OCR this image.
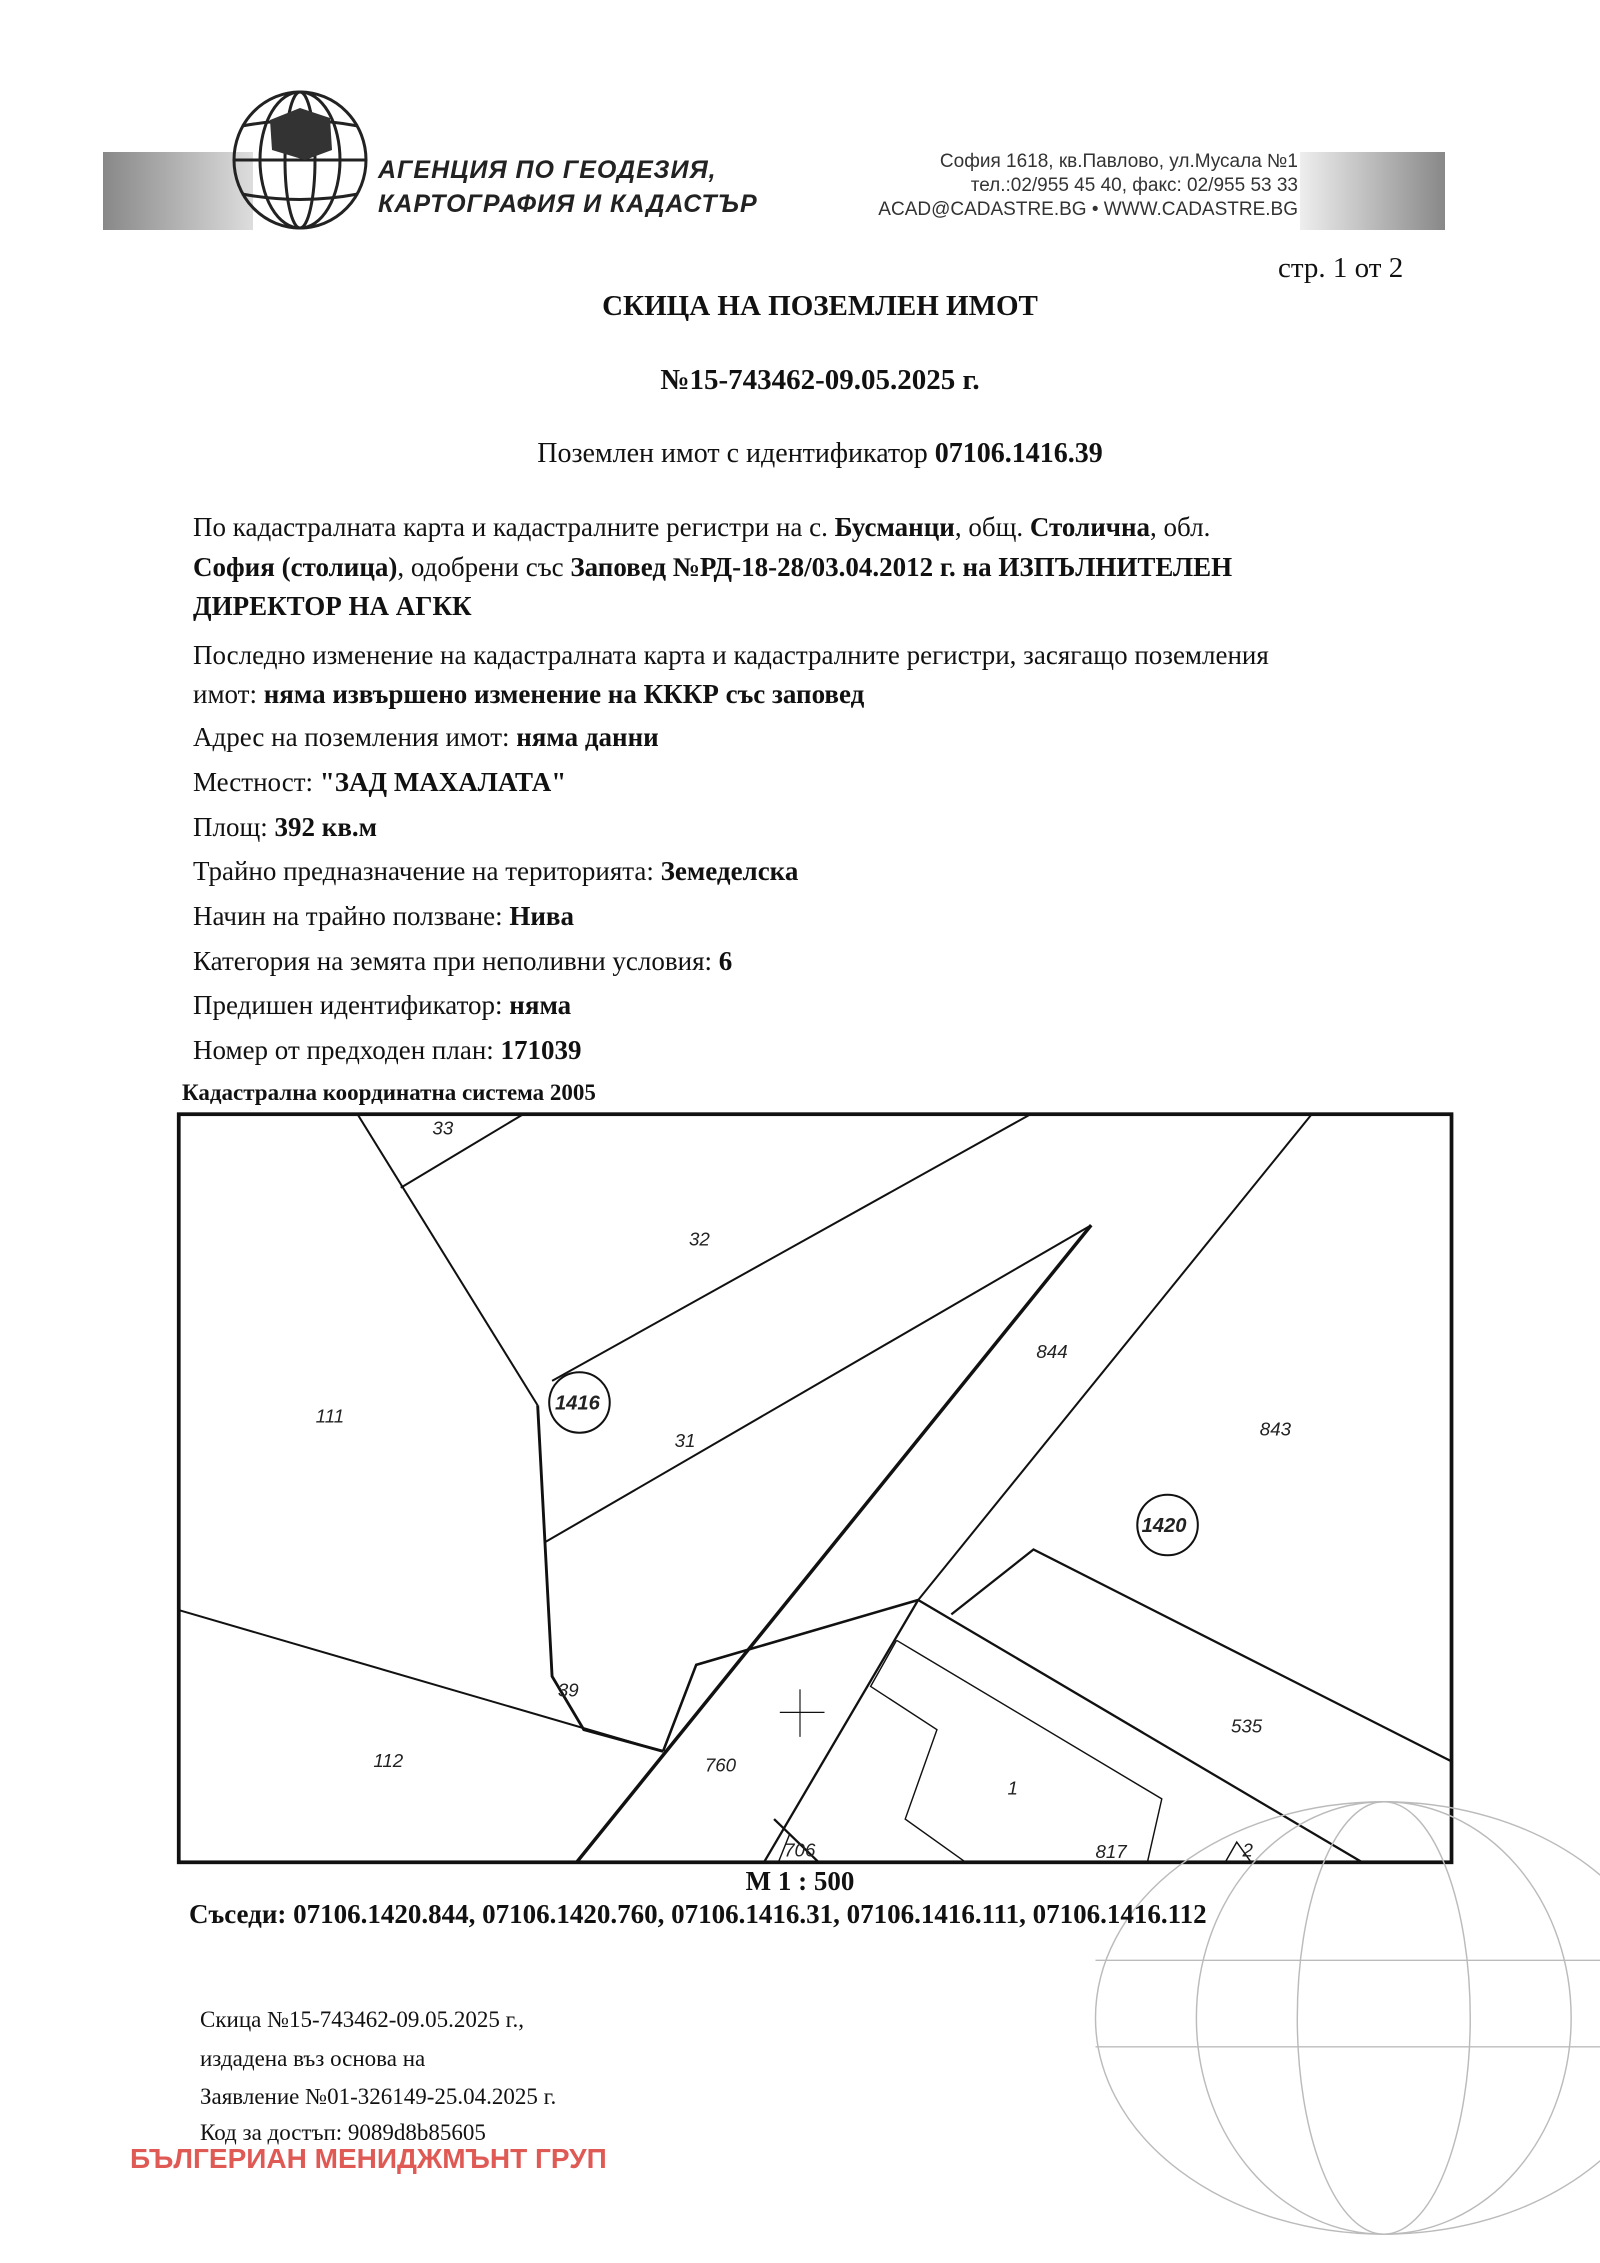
АГЕНЦИЯ ПО ГЕОДЕЗИЯ,
КАРТОГРАФИЯ И КАДАСТЪР
София 1618, кв.Павлово, ул.Мусала №1
тел.:02/955 45 40, факс: 02/955 53 33
ACAD@CADASTRE.BG • WWW.CADASTRE.BG
стр. 1 от 2
СКИЦА НА ПОЗЕМЛЕН ИМОТ
№15-743462-09.05.2025 г.
Поземлен имот с идентификатор 07106.1416.39
По кадастралната карта и кадастралните регистри на с. Бусманци, общ. Столична, обл.
София (столица), одобрени със Заповед №РД-18-28/03.04.2012 г. на ИЗПЪЛНИТЕЛЕН
ДИРЕКТОР НА АГКК
Последно изменение на кадастралната карта и кадастралните регистри, засягащо поземления
имот: няма извършено изменение на КККР със заповед
Адрес на поземления имот: няма данни
Местност: "ЗАД МАХАЛАТА"
Площ: 392 кв.м
Трайно предназначение на територията: Земеделска
Начин на трайно ползване: Нива
Категория на земята при неполивни условия: 6
Предишен идентификатор: няма
Номер от предходен план: 171039
Кадастрална координатна система 2005
33
32
31
111
112
39
760
844
843
535
1
706	817	2
1416
1420
М 1 : 500
Съседи: 07106.1420.844, 07106.1420.760, 07106.1416.31, 07106.1416.111, 07106.1416.112
Скица №15-743462-09.05.2025 г.,
издадена въз основа на
Заявление №01-326149-25.04.2025 г.
Код за достъп: 9089d8b85605
БЪЛГЕРИАН МЕНИДЖМЪНТ ГРУП
